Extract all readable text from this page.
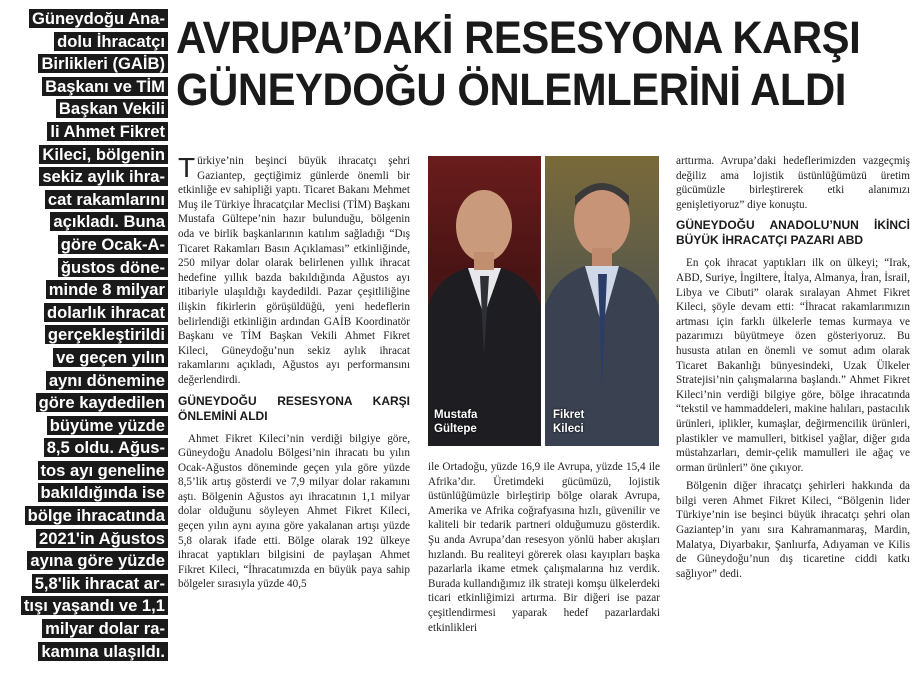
AVRUPA’DAKİ RESESYONA KARŞI
GÜNEYDOĞU ÖNLEMLERİNİ ALDI
Güneydoğu Ana-
dolu İhracatçı
Birlikleri (GAİB)
Başkanı ve TİM
Başkan Vekili
li Ahmet Fikret
Kileci, bölgenin
sekiz aylık ihra-
cat rakamlarını
açıkladı. Buna
göre Ocak-A-
ğustos döne-
minde 8 milyar
dolarlık ihracat
gerçekleştirildi
ve geçen yılın
aynı dönemine
göre kaydedilen
büyüme yüzde
8,5 oldu. Ağus-
tos ayı geneline
bakıldığında ise
bölge ihracatında
2021'in Ağustos
ayına göre yüzde
5,8'lik ihracat ar-
tışı yaşandı ve 1,1
milyar dolar ra-
kamına ulaşıldı.

Türkiye’nin beşinci büyük ihracatçı şehri Gaziantep, geçtiğimiz günlerde önemli bir etkinliğe ev sahipliği yaptı. Ticaret Bakanı Mehmet Muş ile Türkiye İhracatçılar Meclisi (TİM) Başkanı Mustafa Gültepe’nin hazır bulunduğu, bölgenin oda ve birlik başkanlarının katılım sağladığı “Dış Ticaret Rakamları Basın Açıklaması” etkinliğinde, 250 milyar dolar olarak belirlenen yıllık ihracat hedefine yıllık bazda bakıldığında Ağustos ayı itibariyle ulaşıldığı kaydedildi. Pazar çeşitliliğine ilişkin fikirlerin görüşüldüğü, yeni hedeflerin belirlendiği etkinliğin ardından GAİB Koordinatör Başkanı ve TİM Başkan Vekili Ahmet Fikret Kileci, Güneydoğu’nun sekiz aylık ihracat rakamlarını açıkladı, Ağustos ayı performansını değerlendirdi.

GÜNEYDOĞU RESESYONA KARŞI ÖNLEMİNİ ALDI

Ahmet Fikret Kileci’nin verdiği bilgiye göre, Güneydoğu Anadolu Bölgesi’nin ihracatı bu yılın Ocak-Ağustos döneminde geçen yıla göre yüzde 8,5’lik artış gösterdi ve 7,9 milyar dolar rakamını aştı. Bölgenin Ağustos ayı ihracatının 1,1 milyar dolar olduğunu söyleyen Ahmet Fikret Kileci, geçen yılın aynı ayına göre yakalanan artışı yüzde 5,8 olarak ifade etti. Bölge olarak 192 ülkeye ihracat yaptıkları bilgisini de paylaşan Ahmet Fikret Kileci, “İhracatımızda en büyük paya sahip bölgeler sırasıyla yüzde 40,5

Mustafa
Gültepe
Fikret
Kileci

ile Ortadoğu, yüzde 16,9 ile Avrupa, yüzde 15,4 ile Afrika’dır. Üretimdeki gücümüzü, lojistik üstünlüğümüzle birleştirip bölge olarak Avrupa, Amerika ve Afrika coğrafyasına hızlı, güvenilir ve kaliteli bir tedarik partneri olduğumuzu gösterdik. Şu anda Avrupa’dan resesyon yönlü haber akışları hızlandı. Bu realiteyi görerek olası kayıpları başka pazarlarla ikame etmek çalışmalarına hız verdik. Burada kullandığımız ilk strateji komşu ülkelerdeki ticari etkinliğimizi artırma. Bir diğeri ise pazar çeşitlendirmesi yaparak hedef pazarlardaki etkinlikleri

arttırma. Avrupa’daki hedeflerimizden vazgeçmiş değiliz ama lojistik üstünlüğümüzü üretim gücümüzle birleştirerek etki alanımızı genişletiyoruz” diye konuştu.

GÜNEYDOĞU ANADOLU’NUN İKİNCİ BÜYÜK İHRACATÇI PAZARI ABD

En çok ihracat yaptıkları ilk on ülkeyi; “Irak, ABD, Suriye, İngiltere, İtalya, Almanya, İran, İsrail, Libya ve Cibuti” olarak sıralayan Ahmet Fikret Kileci, şöyle devam etti: “İhracat rakamlarımızın artması için farklı ülkelerle temas kurmaya ve pazarımızı büyütmeye özen gösteriyoruz. Bu hususta atılan en önemli ve somut adım olarak Ticaret Bakanlığı bünyesindeki, Uzak Ülkeler Stratejisi’nin çalışmalarına başlandı.” Ahmet Fikret Kileci’nin verdiği bilgiye göre, bölge ihracatında “tekstil ve hammaddeleri, makine halıları, pastacılık ürünleri, iplikler, kumaşlar, değirmencilik ürünleri, plastikler ve mamulleri, bitkisel yağlar, diğer gıda müstahzarları, demir-çelik mamulleri ile ağaç ve orman ürünleri” öne çıkıyor.

Bölgenin diğer ihracatçı şehirleri hakkında da bilgi veren Ahmet Fikret Kileci, “Bölgenin lider Türkiye’nin ise beşinci büyük ihracatçı şehri olan Gaziantep’in yanı sıra Kahramanmaraş, Mardin, Malatya, Diyarbakır, Şanlıurfa, Adıyaman ve Kilis de Güneydoğu’nun dış ticaretine ciddi katkı sağlıyor” dedi.
